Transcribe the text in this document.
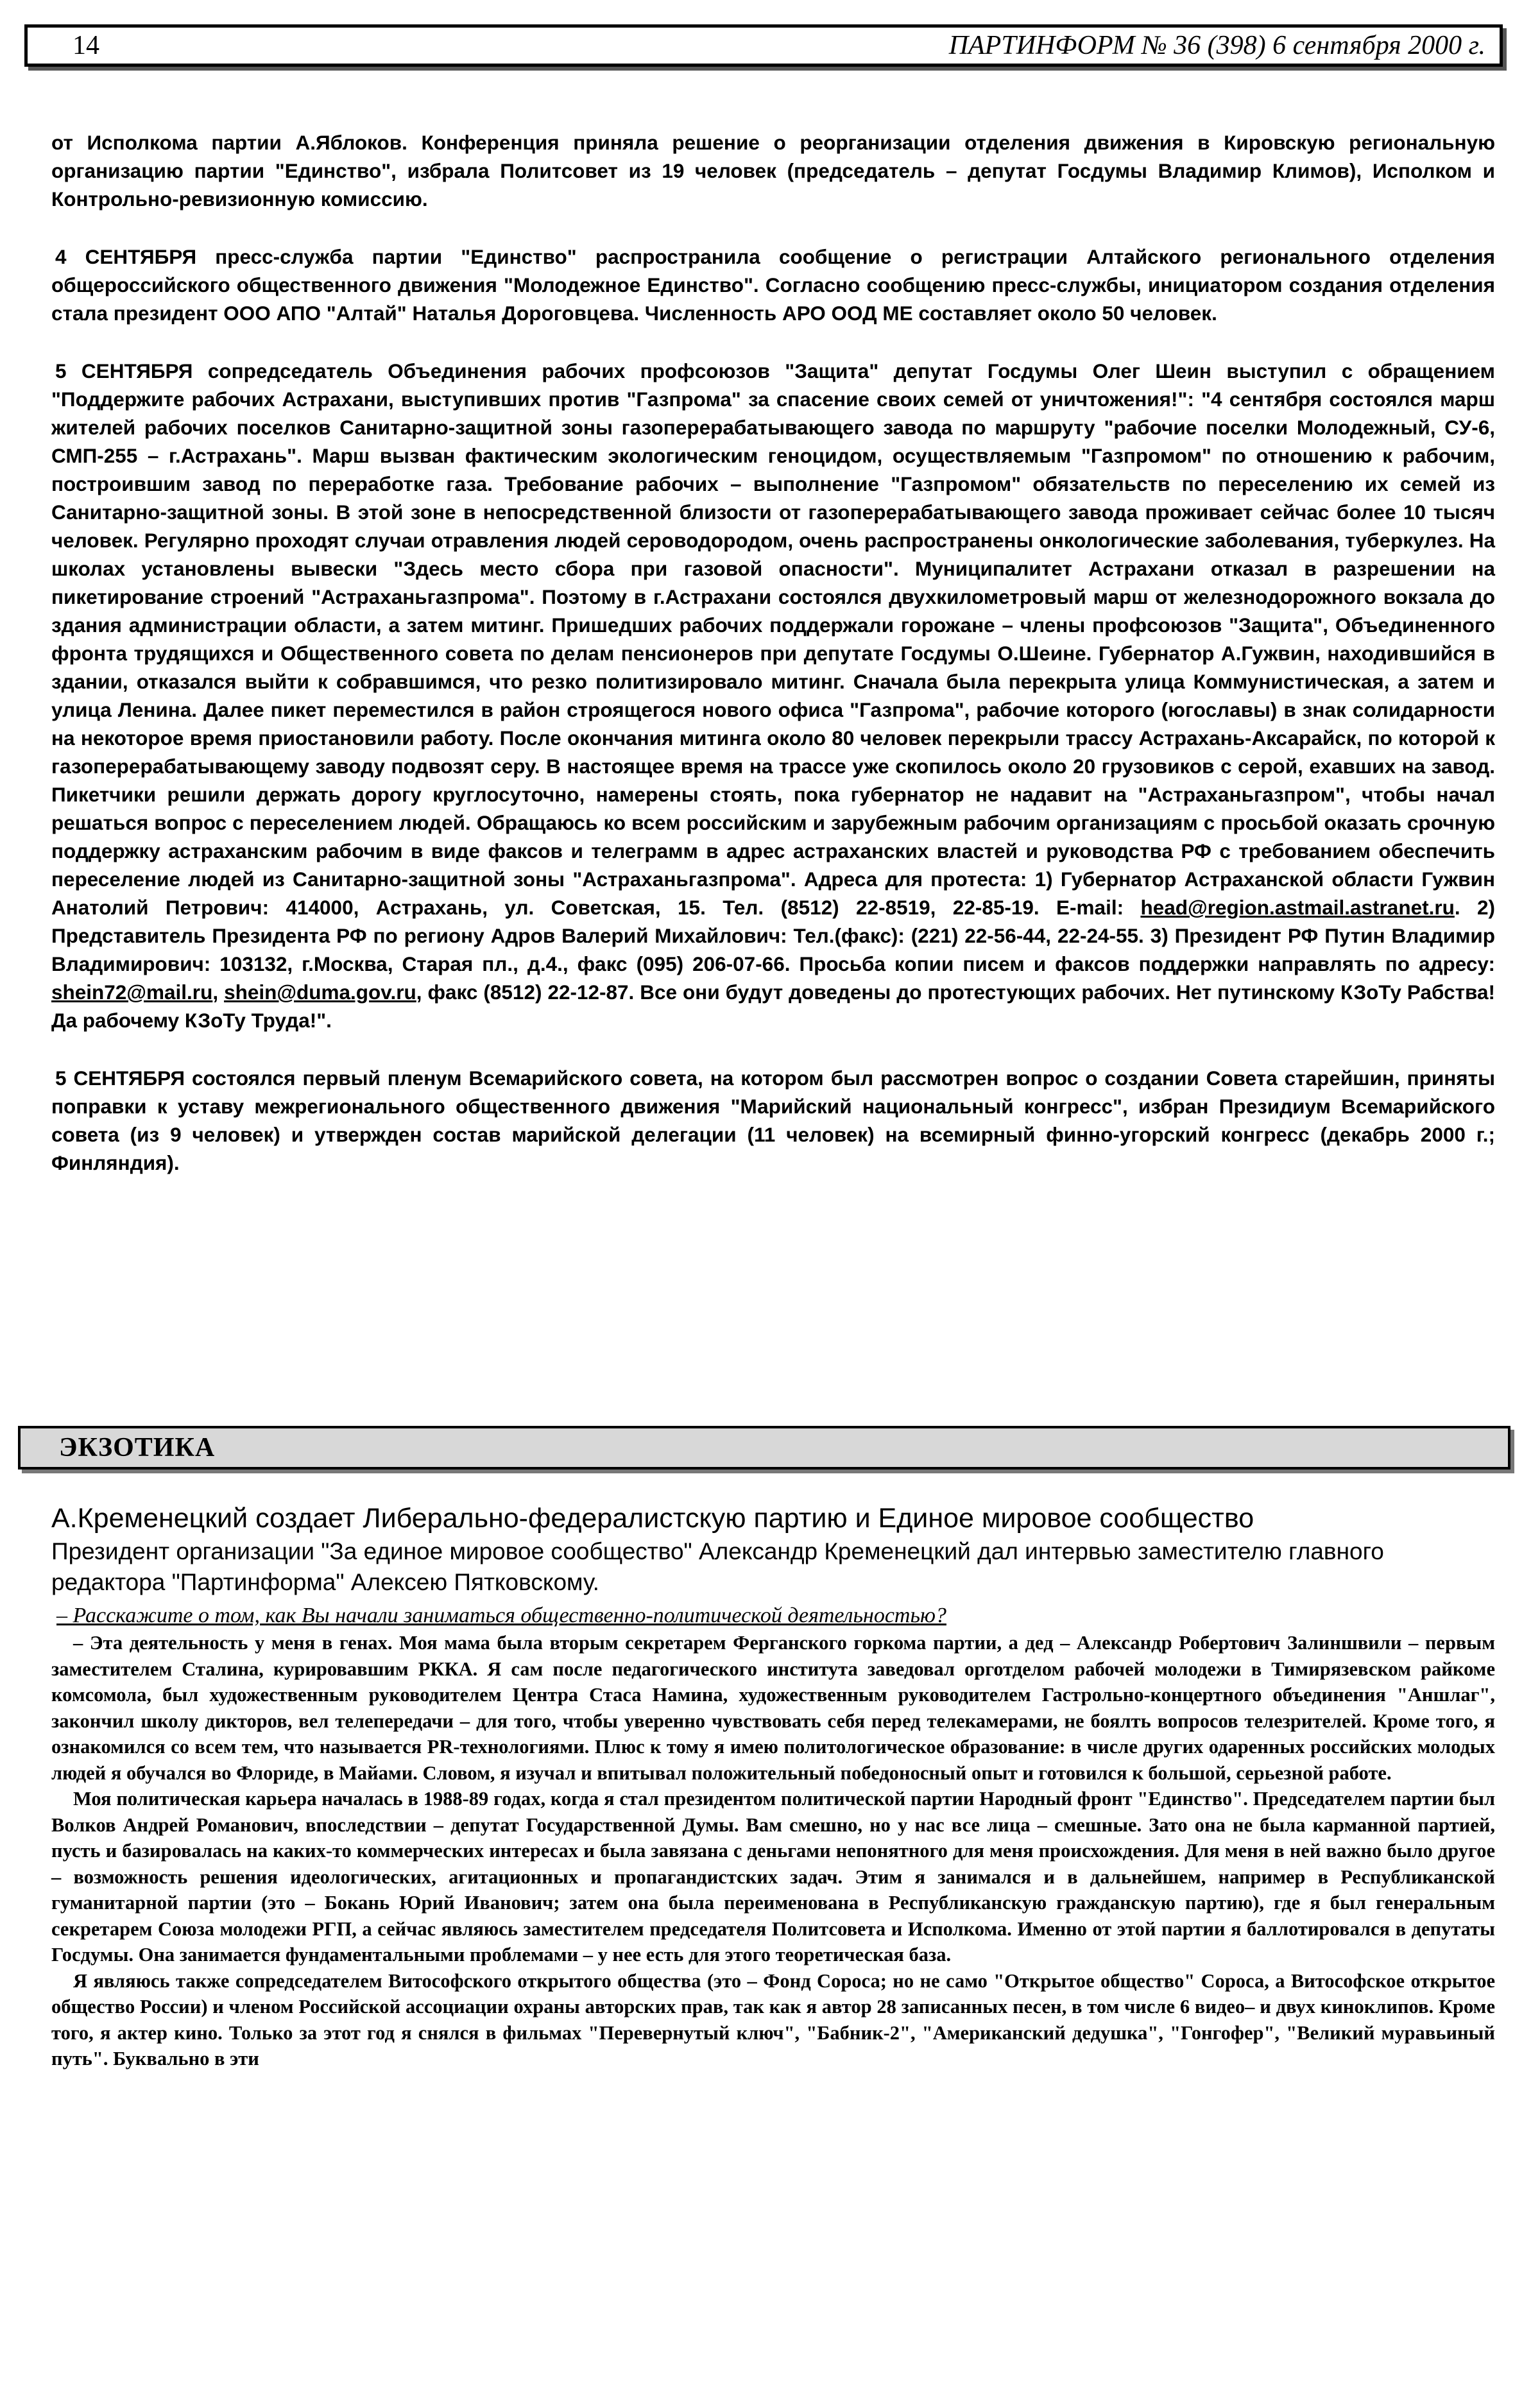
14	ПАРТИНФОРМ № 36 (398) 6 сентября 2000 г.

от Исполкома партии А.Яблоков. Конференция приняла решение о реорганизации отделения движения в Кировскую региональную организацию партии "Единство", избрала Политсовет из 19 человек (председатель – депутат Госдумы Владимир Климов), Исполком и Контрольно-ревизионную комиссию.

4 СЕНТЯБРЯ пресс-служба партии "Единство" распространила сообщение о регистрации Алтайского регионального отделения общероссийского общественного движения "Молодежное Единство". Согласно сообщению пресс-службы, инициатором создания отделения стала президент ООО АПО "Алтай" Наталья Дороговцева. Численность АРО ООД МЕ составляет около 50 человек.

5 СЕНТЯБРЯ сопредседатель Объединения рабочих профсоюзов "Защита" депутат Госдумы Олег Шеин выступил с обращением "Поддержите рабочих Астрахани, выступивших против "Газпрома" за спасение своих семей от уничтожения!": "4 сентября состоялся марш жителей рабочих поселков Санитарно-защитной зоны газоперерабатывающего завода по маршруту "рабочие поселки Молодежный, СУ-6, СМП-255 – г.Астрахань". Марш вызван фактическим экологическим геноцидом, осуществляемым "Газпромом" по отношению к рабочим, построившим завод по переработке газа. Требование рабочих – выполнение "Газпромом" обязательств по переселению их семей из Санитарно-защитной зоны. В этой зоне в непосредственной близости от газоперерабатывающего завода проживает сейчас более 10 тысяч человек. Регулярно проходят случаи отравления людей сероводородом, очень распространены онкологические заболевания, туберкулез. На школах установлены вывески "Здесь место сбора при газовой опасности". Муниципалитет Астрахани отказал в разрешении на пикетирование строений "Астраханьгазпрома". Поэтому в г.Астрахани состоялся двухкилометровый марш от железнодорожного вокзала до здания администрации области, а затем митинг. Пришедших рабочих поддержали горожане – члены профсоюзов "Защита", Объединенного фронта трудящихся и Общественного совета по делам пенсионеров при депутате Госдумы О.Шеине. Губернатор А.Гужвин, находившийся в здании, отказался выйти к собравшимся, что резко политизировало митинг. Сначала была перекрыта улица Коммунистическая, а затем и улица Ленина. Далее пикет переместился в район строящегося нового офиса "Газпрома", рабочие которого (югославы) в знак солидарности на некоторое время приостановили работу. После окончания митинга около 80 человек перекрыли трассу Астрахань-Аксарайск, по которой к газоперерабатывающему заводу подвозят серу. В настоящее время на трассе уже скопилось около 20 грузовиков с серой, ехавших на завод. Пикетчики решили держать дорогу круглосуточно, намерены стоять, пока губернатор не надавит на "Астраханьгазпром", чтобы начал решаться вопрос с переселением людей. Обращаюсь ко всем российским и зарубежным рабочим организациям с просьбой оказать срочную поддержку астраханским рабочим в виде факсов и телеграмм в адрес астраханских властей и руководства РФ с требованием обеспечить переселение людей из Санитарно-защитной зоны "Астраханьгазпрома". Адреса для протеста: 1) Губернатор Астраханской области Гужвин Анатолий Петрович: 414000, Астрахань, ул. Советская, 15. Тел. (8512) 22-8519, 22-85-19. E-mail: head@region.astmail.astranet.ru. 2) Представитель Президента РФ по региону Адров Валерий Михайлович: Тел.(факс): (221) 22-56-44, 22-24-55. 3) Президент РФ Путин Владимир Владимирович: 103132, г.Москва, Старая пл., д.4., факс (095) 206-07-66. Просьба копии писем и факсов поддержки направлять по адресу: shein72@mail.ru, shein@duma.gov.ru, факс (8512) 22-12-87. Все они будут доведены до протестующих рабочих. Нет путинскому КЗоТу Рабства! Да рабочему КЗоТу Труда!".

5 СЕНТЯБРЯ состоялся первый пленум Всемарийского совета, на котором был рассмотрен вопрос о создании Совета старейшин, приняты поправки к уставу межрегионального общественного движения "Марийский национальный конгресс", избран Президиум Всемарийского совета (из 9 человек) и утвержден состав марийской делегации (11 человек) на всемирный финно-угорский конгресс (декабрь 2000 г.; Финляндия).

ЭКЗОТИКА
А.Кременецкий создает Либерально-федералистскую партию и Единое мировое сообщество

Президент организации "За единое мировое сообщество" Александр Кременецкий дал интервью заместителю главного редактора "Партинформа" Алексею Пятковскому.

– Расскажите о том, как Вы начали заниматься общественно-политической деятельностью?

– Эта деятельность у меня в генах. Моя мама была вторым секретарем Ферганского горкома партии, а дед – Александр Робертович Залиншвили – первым заместителем Сталина, курировавшим РККА. Я сам после педагогического института заведовал орготделом рабочей молодежи в Тимирязевском райкоме комсомола, был художественным руководителем Центра Стаса Намина, художественным руководителем Гастрольно-концертного объединения "Аншлаг", закончил школу дикторов, вел телепередачи – для того, чтобы уверенно чувствовать себя перед телекамерами, не боялть вопросов телезрителей. Кроме того, я ознакомился со всем тем, что называется PR-технологиями. Плюс к тому я имею политологическое образование: в числе других одаренных российских молодых людей я обучался во Флориде, в Майами. Словом, я изучал и впитывал положительный победоносный опыт и готовился к большой, серьезной работе.

Моя политическая карьера началась в 1988-89 годах, когда я стал президентом политической партии Народный фронт "Единство". Председателем партии был Волков Андрей Романович, впоследствии – депутат Государственной Думы. Вам смешно, но у нас все лица – смешные. Зато она не была карманной партией, пусть и базировалась на каких-то коммерческих интересах и была завязана с деньгами непонятного для меня происхождения. Для меня в ней важно было другое – возможность решения идеологических, агитационных и пропагандистских задач. Этим я занимался и в дальнейшем, например в Республиканской гуманитарной партии (это – Бокань Юрий Иванович; затем она была переименована в Республиканскую гражданскую партию), где я был генеральным секретарем Союза молодежи РГП, а сейчас являюсь заместителем председателя Политсовета и Исполкома. Именно от этой партии я баллотировался в депутаты Госдумы. Она занимается фундаментальными проблемами – у нее есть для этого теоретическая база.

Я являюсь также сопредседателем Витософского открытого общества (это – Фонд Сороса; но не само "Открытое общество" Сороса, а Витософское открытое общество России) и членом Российской ассоциации охраны авторских прав, так как я автор 28 записанных песен, в том числе 6 видео– и двух киноклипов. Кроме того, я актер кино. Только за этот год я снялся в фильмах "Перевернутый ключ", "Бабник-2", "Американский дедушка", "Гонгофер", "Великий муравьиный путь". Буквально в эти
